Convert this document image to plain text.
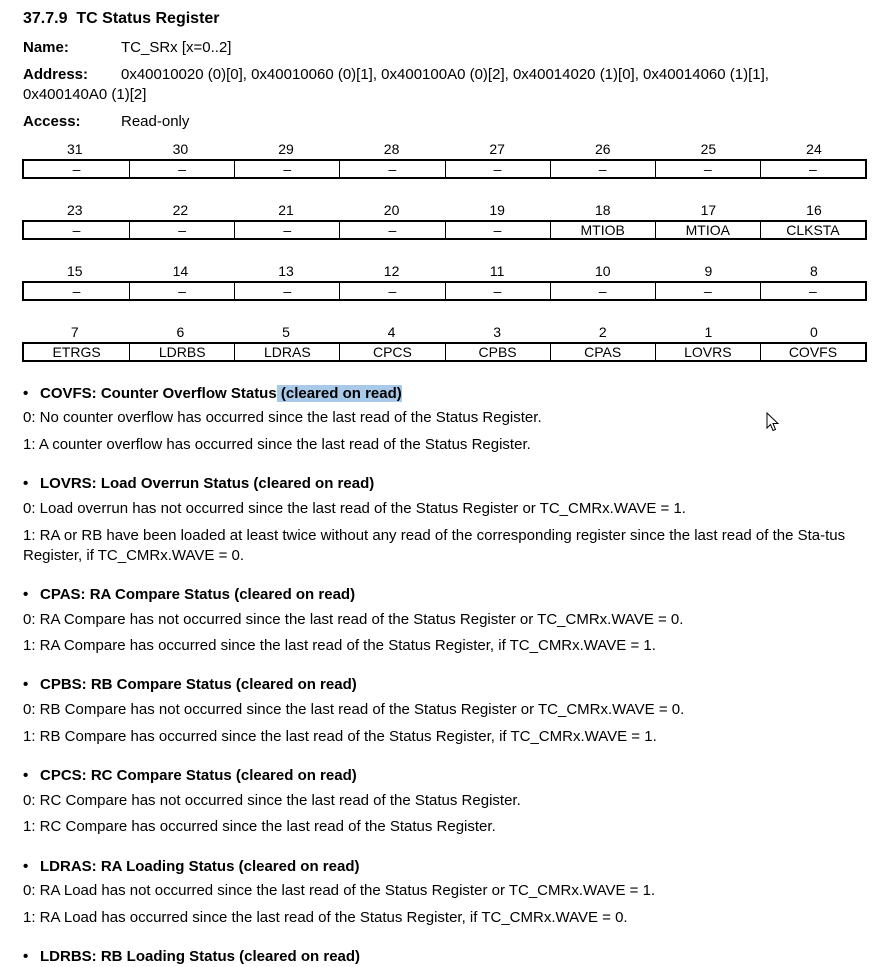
37.7.9 TC Status Register
Name:	TC_SRx [x=0..2]
Address: 0x40010020 (0)[0], 0x40010060 (0)[1], 0x400100A0 (0)[2], 0x40014020 (1)[0], 0x40014060 (1)[1],
0x400140A0 (1)[2]
Access:	Read-only
31	30	29	28	27	26	25	24
–	–	–	–	–	–	–	–
23	22	21	20	19	18	17	16
–	–	–	–	–	MTIOB	MTIOA	CLKSTA
15	14	13	12	11	10	9	8
–	–	–	–	–	–	–	–
7	6	5	4	3	2	1	0
ETRGS	LDRBS	LDRAS	CPCS	CPBS	CPAS	LOVRS	COVFS
• COVFS: Counter Overflow Status (cleared on read)
0: No counter overflow has occurred since the last read of the Status Register.
1: A counter overflow has occurred since the last read of the Status Register.
• LOVRS: Load Overrun Status (cleared on read)
0: Load overrun has not occurred since the last read of the Status Register or TC_CMRx.WAVE = 1.
1: RA or RB have been loaded at least twice without any read of the corresponding register since the last read of the Sta-tus Register, if TC_CMRx.WAVE = 0.
• CPAS: RA Compare Status (cleared on read)
0: RA Compare has not occurred since the last read of the Status Register or TC_CMRx.WAVE = 0.
1: RA Compare has occurred since the last read of the Status Register, if TC_CMRx.WAVE = 1.
• CPBS: RB Compare Status (cleared on read)
0: RB Compare has not occurred since the last read of the Status Register or TC_CMRx.WAVE = 0.
1: RB Compare has occurred since the last read of the Status Register, if TC_CMRx.WAVE = 1.
• CPCS: RC Compare Status (cleared on read)
0: RC Compare has not occurred since the last read of the Status Register.
1: RC Compare has occurred since the last read of the Status Register.
• LDRAS: RA Loading Status (cleared on read)
0: RA Load has not occurred since the last read of the Status Register or TC_CMRx.WAVE = 1.
1: RA Load has occurred since the last read of the Status Register, if TC_CMRx.WAVE = 0.
• LDRBS: RB Loading Status (cleared on read)
